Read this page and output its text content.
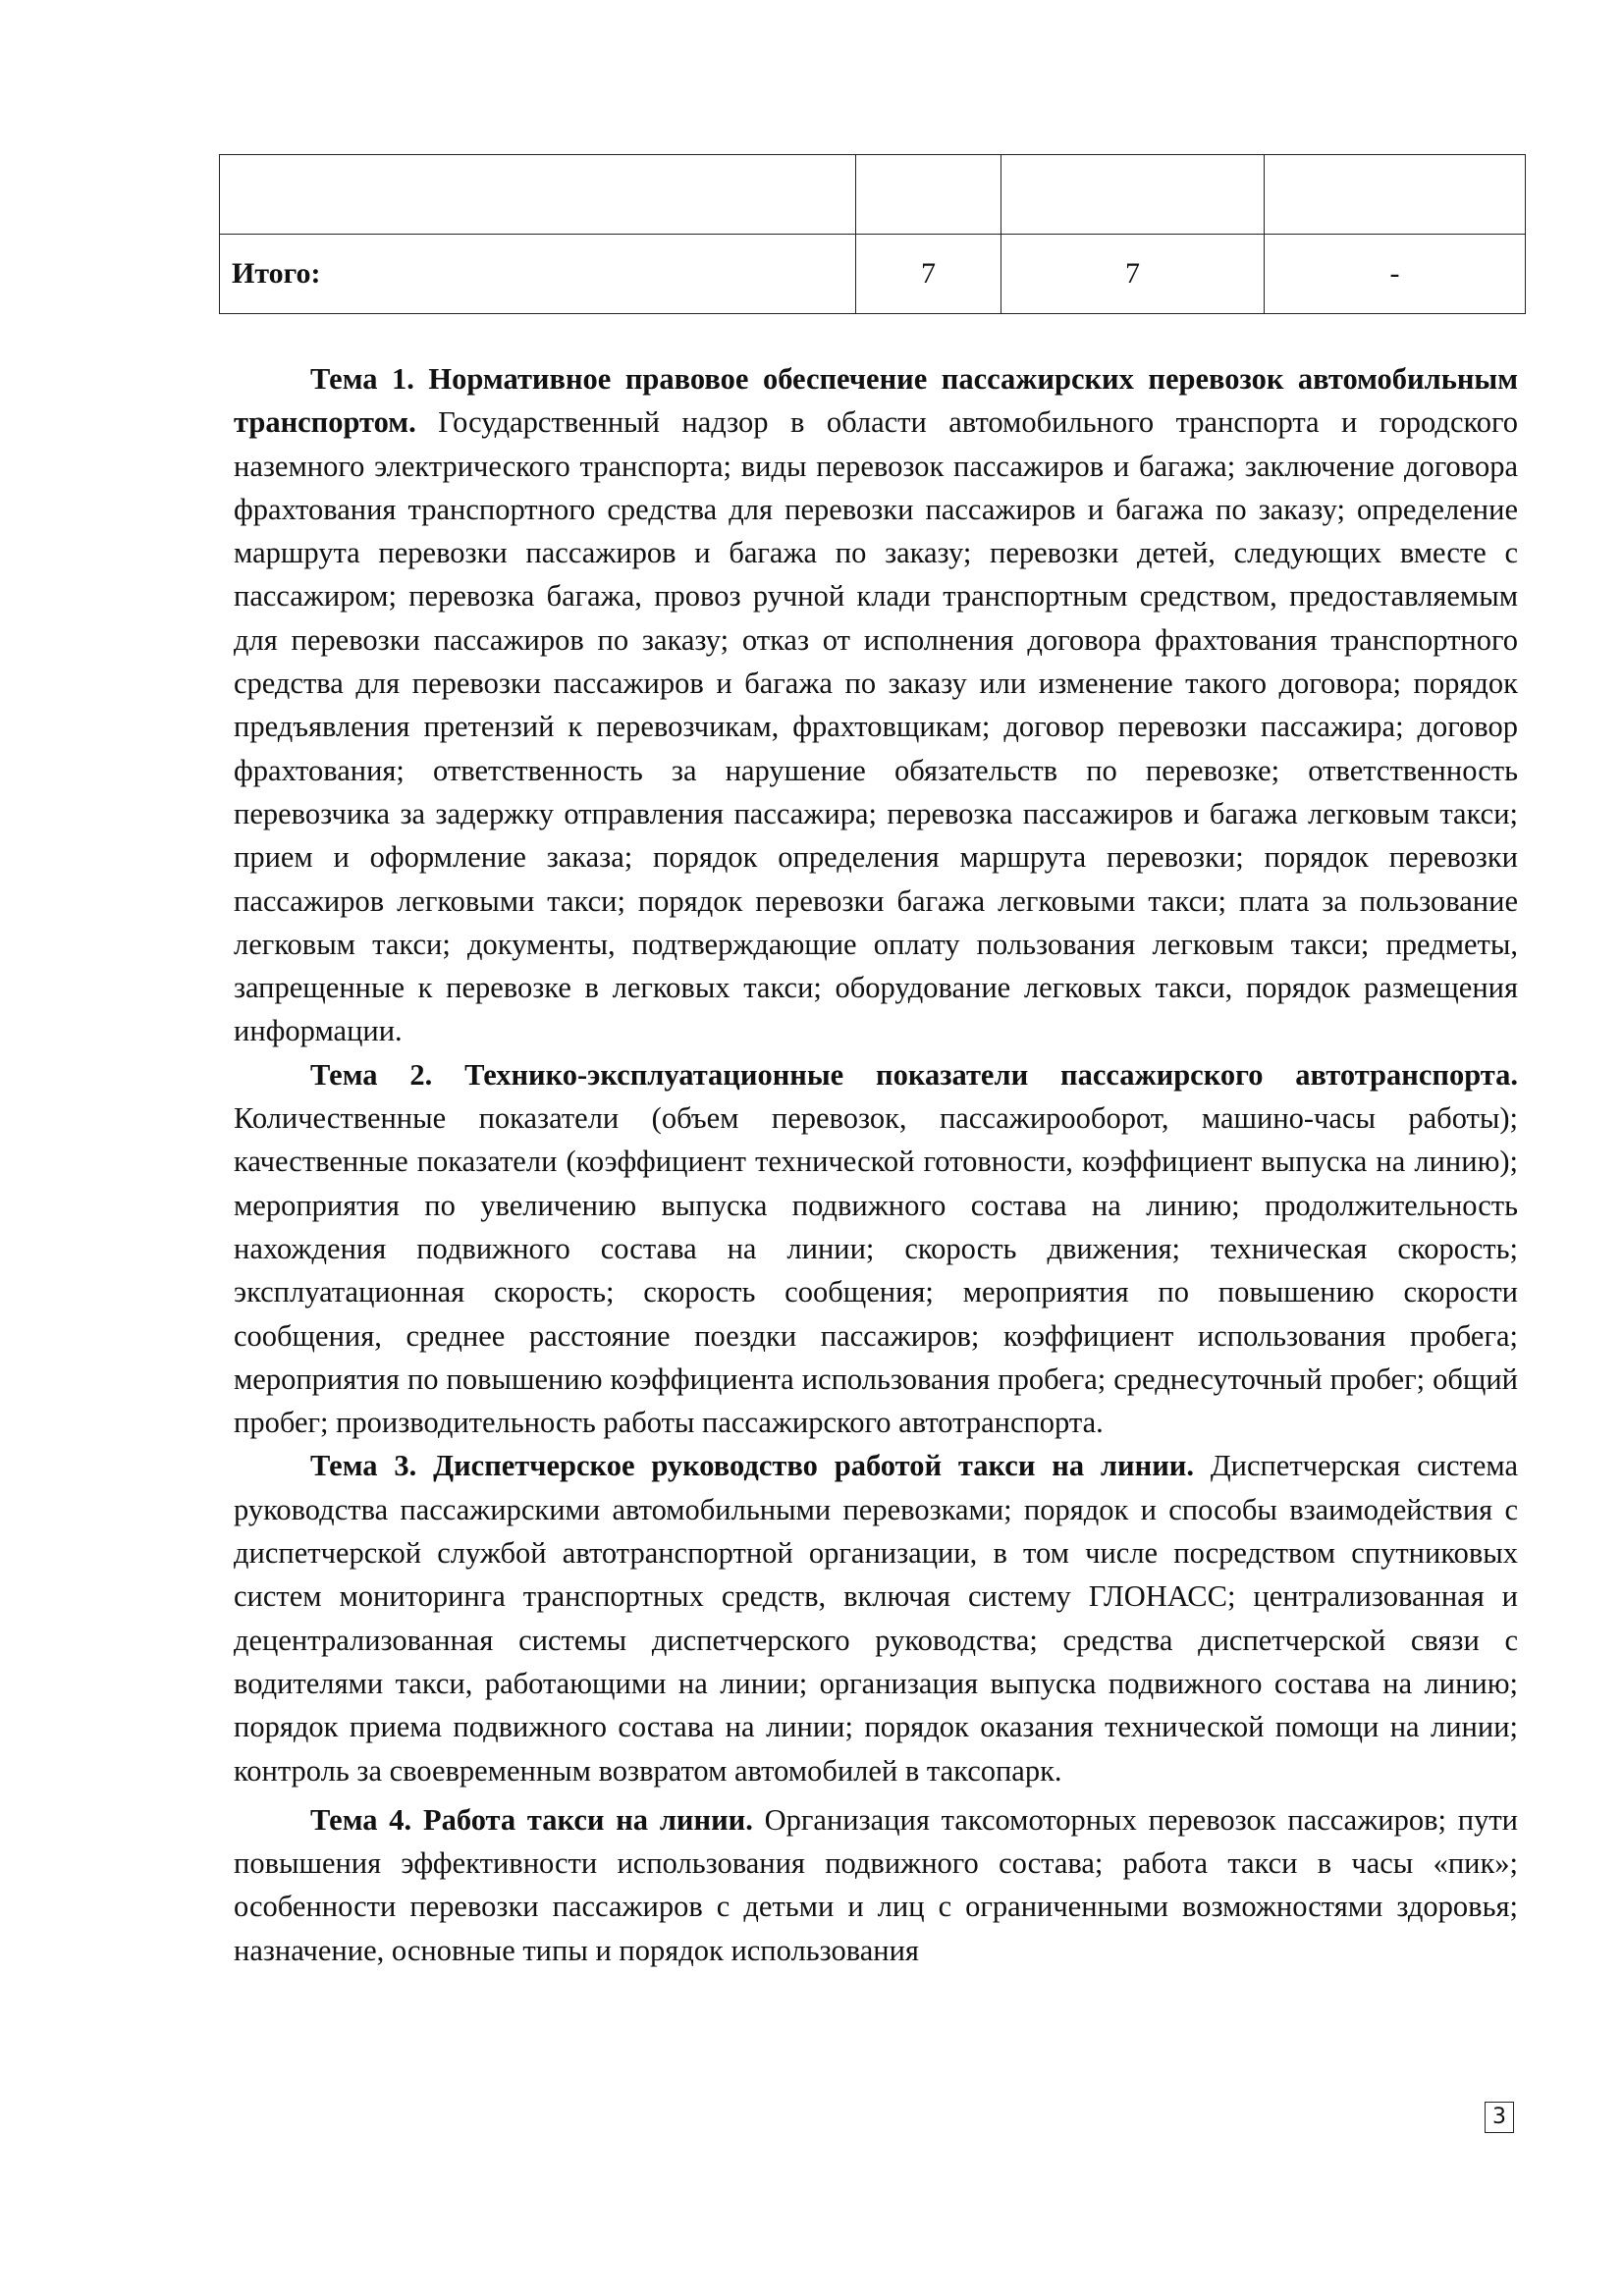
Итого:	7	7	-

Тема 1. Нормативное правовое обеспечение пассажирских перевозок автомобильным транспортом. Государственный надзор в области автомобильного транспорта и городского наземного электрического транспорта; виды перевозок пассажиров и багажа; заключение договора фрахтования транспортного средства для перевозки пассажиров и багажа по заказу; определение маршрута перевозки пассажиров и багажа по заказу; перевозки детей, следующих вместе с пассажиром; перевозка багажа, провоз ручной клади транспортным средством, предоставляемым для перевозки пассажиров по заказу; отказ от исполнения договора фрахтования транспортного средства для перевозки пассажиров и багажа по заказу или изменение такого договора; порядок предъявления претензий к перевозчикам, фрахтовщикам; договор перевозки пассажира; договор фрахтования; ответственность за нарушение обязательств по перевозке; ответственность перевозчика за задержку отправления пассажира; перевозка пассажиров и багажа легковым такси; прием и оформление заказа; порядок определения маршрута перевозки; порядок перевозки пассажиров легковыми такси; порядок перевозки багажа легковыми такси; плата за пользование легковым такси; документы, подтверждающие оплату пользования легковым такси; предметы, запрещенные к перевозке в легковых такси; оборудование легковых такси, порядок размещения информации.

Тема 2. Технико-эксплуатационные показатели пассажирского автотранспорта. Количественные показатели (объем перевозок, пассажирооборот, машино-часы работы); качественные показатели (коэффициент технической готовности, коэффициент выпуска на линию); мероприятия по увеличению выпуска подвижного состава на линию; продолжительность нахождения подвижного состава на линии; скорость движения; техническая скорость; эксплуатационная скорость; скорость сообщения; мероприятия по повышению скорости сообщения, среднее расстояние поездки пассажиров; коэффициент использования пробега; мероприятия по повышению коэффициента использования пробега; среднесуточный пробег; общий пробег; производительность работы пассажирского автотранспорта.

Тема 3. Диспетчерское руководство работой такси на линии. Диспетчерская система руководства пассажирскими автомобильными перевозками; порядок и способы взаимодействия с диспетчерской службой автотранспортной организации, в том числе посредством спутниковых систем мониторинга транспортных средств, включая систему ГЛОНАСС; централизованная и децентрализованная системы диспетчерского руководства; средства диспетчерской связи с водителями такси, работающими на линии; организация выпуска подвижного состава на линию; порядок приема подвижного состава на линии; порядок оказания технической помощи на линии; контроль за своевременным возвратом автомобилей в таксопарк.

Тема 4. Работа такси на линии. Организация таксомоторных перевозок пассажиров; пути повышения эффективности использования подвижного состава; работа такси в часы «пик»; особенности перевозки пассажиров с детьми и лиц с ограниченными возможностями здоровья; назначение, основные типы и порядок использования

3
